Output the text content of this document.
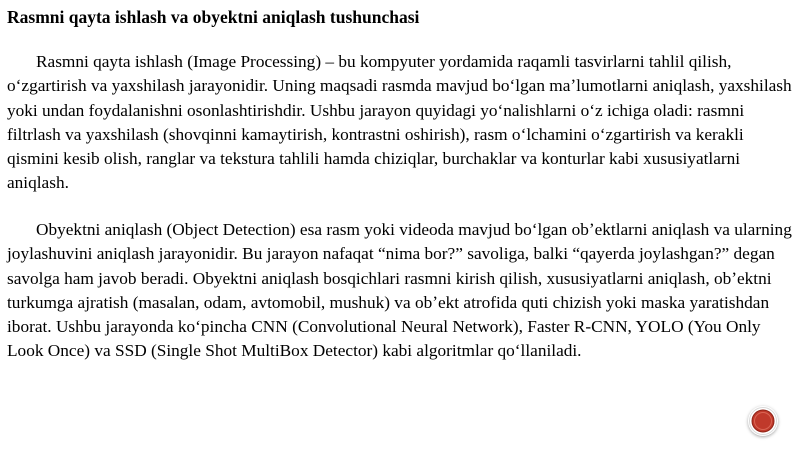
Rasmni qayta ishlash va obyektni aniqlash tushunchasi

Rasmni qayta ishlash (Image Processing) – bu kompyuter yordamida raqamli tasvirlarni tahlil qilish, oʻzgartirish va yaxshilash jarayonidir. Uning maqsadi rasmda mavjud boʻlgan maʼlumotlarni aniqlash, yaxshilash yoki undan foydalanishni osonlashtirishdir. Ushbu jarayon quyidagi yoʻnalishlarni oʻz ichiga oladi: rasmni filtrlash va yaxshilash (shovqinni kamaytirish, kontrastni oshirish), rasm oʻlchamini oʻzgartirish va kerakli qismini kesib olish, ranglar va tekstura tahlili hamda chiziqlar, burchaklar va konturlar kabi xususiyatlarni aniqlash.

Obyektni aniqlash (Object Detection) esa rasm yoki videoda mavjud boʻlgan obʼektlarni aniqlash va ularning joylashuvini aniqlash jarayonidir. Bu jarayon nafaqat “nima bor?” savoliga, balki “qayerda joylashgan?” degan savolga ham javob beradi. Obyektni aniqlash bosqichlari rasmni kirish qilish, xususiyatlarni aniqlash, obʼektni turkumga ajratish (masalan, odam, avtomobil, mushuk) va obʼekt atrofida quti chizish yoki maska yaratishdan iborat. Ushbu jarayonda koʻpincha CNN (Convolutional Neural Network), Faster R-CNN, YOLO (You Only Look Once) va SSD (Single Shot MultiBox Detector) kabi algoritmlar qoʻllaniladi.
